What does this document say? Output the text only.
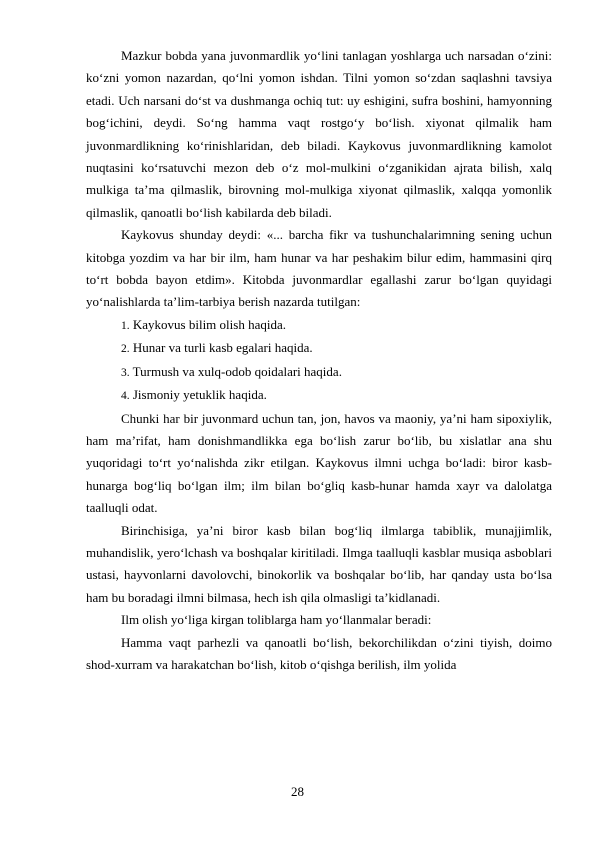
Mazkur bobda yana juvonmardlik yo‘lini tanlagan yoshlarga uch narsadan o‘zini: ko‘zni yomon nazardan, qo‘lni yomon ishdan. Tilni yomon so‘zdan saqlashni tavsiya etadi. Uch narsani do‘st va dushmanga ochiq tut: uy eshigini, sufra boshini, hamyonning bog‘ichini, deydi. So‘ng hamma vaqt rostgo‘y bo‘lish. xiyonat qilmalik ham juvonmardlikning ko‘rinishlaridan, deb biladi. Kaykovus juvonmardlikning kamolot nuqtasini ko‘rsatuvchi mezon deb o‘z mol-mulkini o‘zganikidan ajrata bilish, xalq mulkiga ta’ma qilmaslik, birovning mol-mulkiga xiyonat qilmaslik, xalqqa yomonlik qilmaslik, qanoatli bo‘lish kabilarda deb biladi.

Kaykovus shunday deydi: «... barcha fikr va tushunchalarimning sening uchun kitobga yozdim va har bir ilm, ham hunar va har peshakim bilur edim, hammasini qirq to‘rt bobda bayon etdim». Kitobda juvonmardlar egallashi zarur bo‘lgan quyidagi yo‘nalishlarda ta’lim-tarbiya berish nazarda tutilgan:

1. Kaykovus bilim olish haqida.

2. Hunar va turli kasb egalari haqida.

3. Turmush va xulq-odob qoidalari haqida.

4. Jismoniy yetuklik haqida.

Chunki har bir juvonmard uchun tan, jon, havos va maoniy, ya’ni ham sipoxiylik, ham ma’rifat, ham donishmandlikka ega bo‘lish zarur bo‘lib, bu xislatlar ana shu yuqoridagi to‘rt yo‘nalishda zikr etilgan. Kaykovus ilmni uchga bo‘ladi: biror kasb-hunarga bog‘liq bo‘lgan ilm; ilm bilan bo‘gliq kasb-hunar hamda xayr va dalolatga taalluqli odat.

Birinchisiga, ya’ni biror kasb bilan bog‘liq ilmlarga tabiblik, munajjimlik, muhandislik, yero‘lchash va boshqalar kiritiladi. Ilmga taalluqli kasblar musiqa asboblari ustasi, hayvonlarni davolovchi, binokorlik va boshqalar bo‘lib, har qanday usta bo‘lsa ham bu boradagi ilmni bilmasa, hech ish qila olmasligi ta’kidlanadi.

Ilm olish yo‘liga kirgan toliblarga ham yo‘llanmalar beradi:

Hamma vaqt parhezli va qanoatli bo‘lish, bekorchilikdan o‘zini tiyish, doimo shod-xurram va harakatchan bo‘lish, kitob o‘qishga berilish, ilm yolida

28
